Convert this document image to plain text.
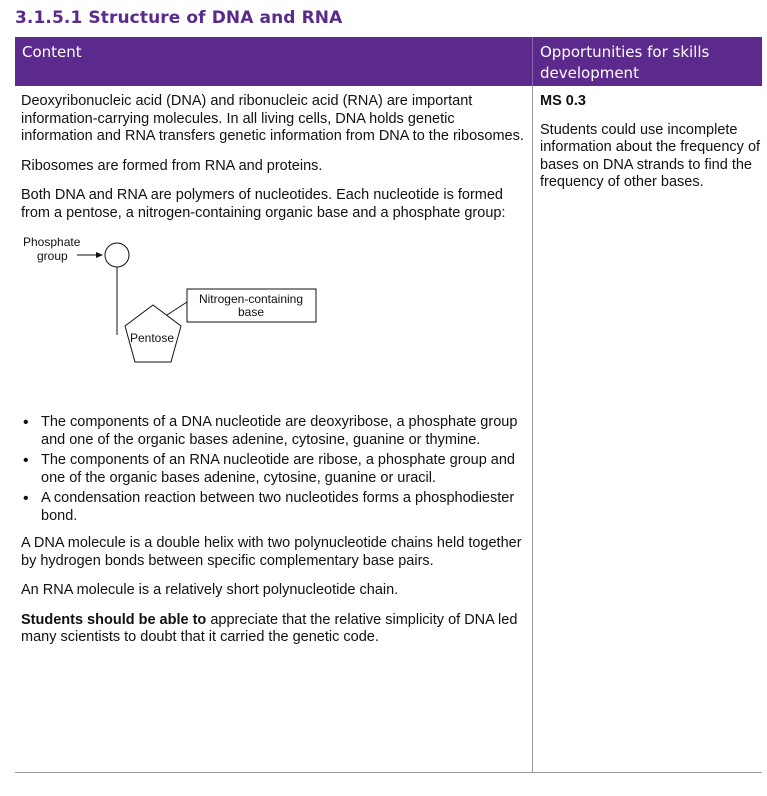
3.1.5.1 Structure of DNA and RNA
Content	Opportunities for skills development

Deoxyribonucleic acid (DNA) and ribonucleic acid (RNA) are important information-carrying molecules. In all living cells, DNA holds genetic information and RNA transfers genetic information from DNA to the ribosomes.

Ribosomes are formed from RNA and proteins.

Both DNA and RNA are polymers of nucleotides. Each nucleotide is formed from a pentose, a nitrogen-containing organic base and a phosphate group:

Phosphate
group
Nitrogen-containing
base
Pentose
• The components of a DNA nucleotide are deoxyribose, a phosphate group and one of the organic bases adenine, cytosine, guanine or thymine.
• The components of an RNA nucleotide are ribose, a phosphate group and one of the organic bases adenine, cytosine, guanine or uracil.
• A condensation reaction between two nucleotides forms a phosphodiester bond.

A DNA molecule is a double helix with two polynucleotide chains held together by hydrogen bonds between specific complementary base pairs.

An RNA molecule is a relatively short polynucleotide chain.

Students should be able to appreciate that the relative simplicity of DNA led many scientists to doubt that it carried the genetic code.

MS 0.3
Students could use incomplete information about the frequency of bases on DNA strands to find the frequency of other bases.
